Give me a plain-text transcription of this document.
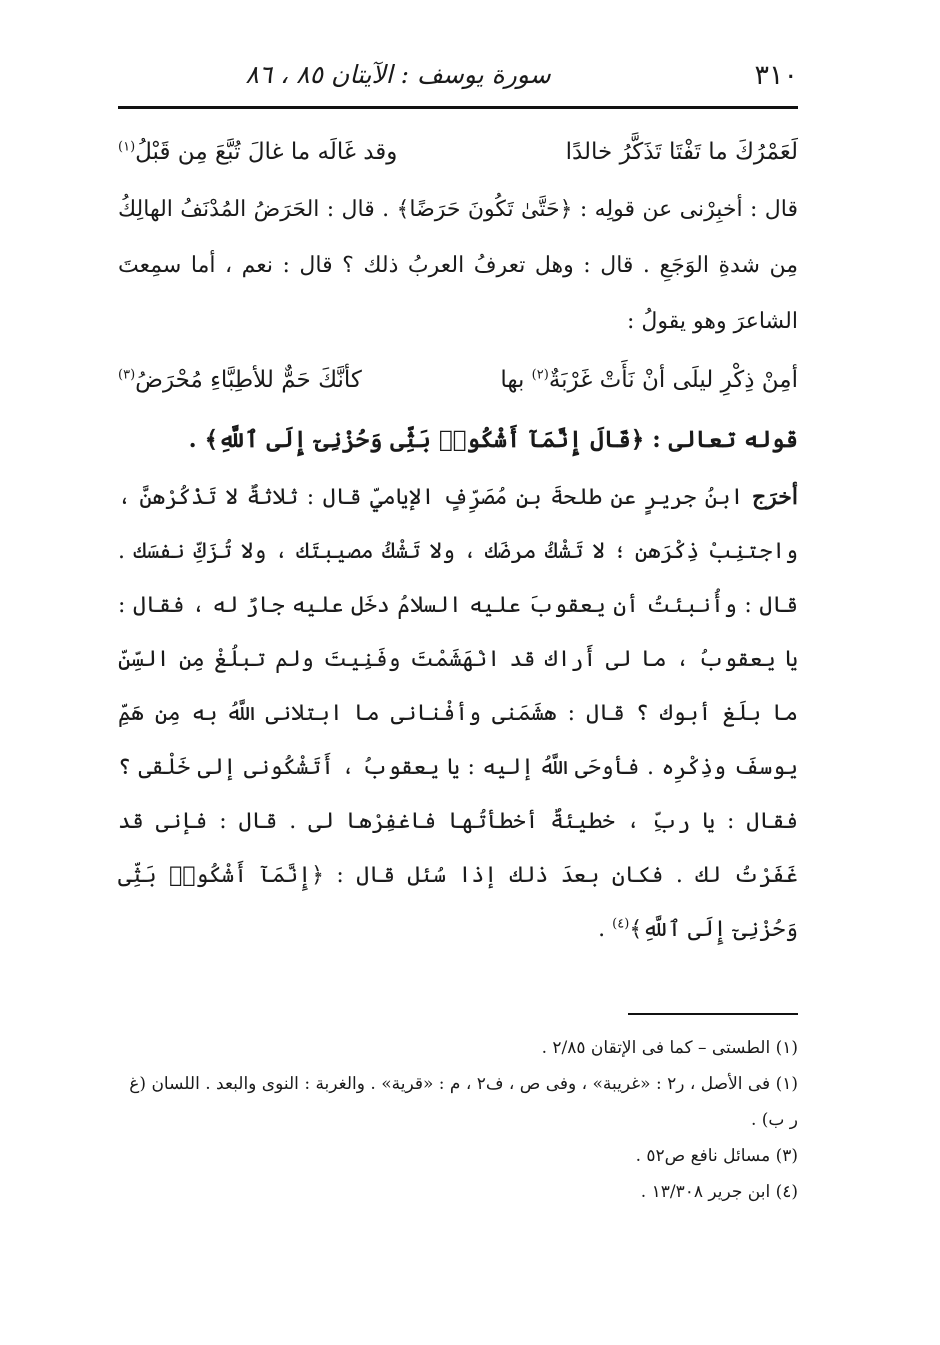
٣١٠
سورة يوسف : الآيتان ٨٥ ، ٨٦
لَعَمْرُكَ ما تَفْتَا تَذَكَّرُ خالدًا
وقد غَالَه ما غالَ تُبَّعَ مِن قَبْلُ$^{(١)}$

قال : أخبِرْنى عن قولِه : ﴿حَتَّىٰ تَكُونَ حَرَضًا﴾ . قال : الحَرَضُ المُدْنَفُ الهالِكُ مِن شدةِ الوَجَعِ . قال : وهل تعرفُ العربُ ذلك ؟ قال : نعم ، أما سمِعتَ الشاعرَ وهو يقولُ :

أمِنْ ذِكْرِ ليلَى أنْ نَأَتْ غَرْبَةٌ$^{(٢)}$ بها
كأنَّكَ حَمٌّ للأطِبَّاءِ مُحْرَضُ$^{(٣)}$

قوله تعالى : ﴿قَالَ إِنَّمَآ أَشْكُوا۟ بَثِّى وَحُزْنِىٓ إِلَى ٱللَّهِ﴾ .

أخرَج ابنُ جريرٍ عن طلحةَ بنِ مُصَرِّفٍ الإياميِّ قال : ثلاثةٌ لا تَذْكُرْهنَّ ، واجتنِبْ ذِكْرَهن ؛ لا تَشْكُ مرضَك ، ولا تَشْكُ مصيبتَك ، ولا تُزَكِّ نفسَك . قال : وأُنبئتُ أن يعقوبَ عليه السلامُ دخَل عليه جارٌ له ، فقال : يا يعقوبُ ، ما لى أَراك قد انْهَشَمْتَ وفَنِيتَ ولم تبلُغْ مِن السِّنِّ ما بلَغ أبوك ؟ قال : هشَمَنى وأفْنانى ما ابتلانى اللَّهُ به مِن هَمِّ يوسفَ وذِكْرِه . فأوحَى اللَّهُ إليه : يا يعقوبُ ، أَتَشْكُونى إلى خَلْقى ؟ فقال : يا ربِّ ، خطيئةٌ أخطأتُها فاغفِرْها لى . قال : فإنى قد غَفَرْتُ لك . فكان بعدَ ذلك إذا سُئل قال : ﴿إِنَّمَآ أَشْكُوا۟ بَثِّى وَحُزْنِىٓ إِلَى ٱللَّهِ﴾$^{(٤)}$ .

(١) الطستى – كما فى الإتقان ٢/٨٥ .

(١) فى الأصل ، ر٢ : «غريبة» ، وفى ص ، ف٢ ، م : «قرية» . والغربة : النوى والبعد . اللسان (غ ر ب) .

(٣) مسائل نافع ص٥٢ .

(٤) ابن جرير ١٣/٣٠٨ .
